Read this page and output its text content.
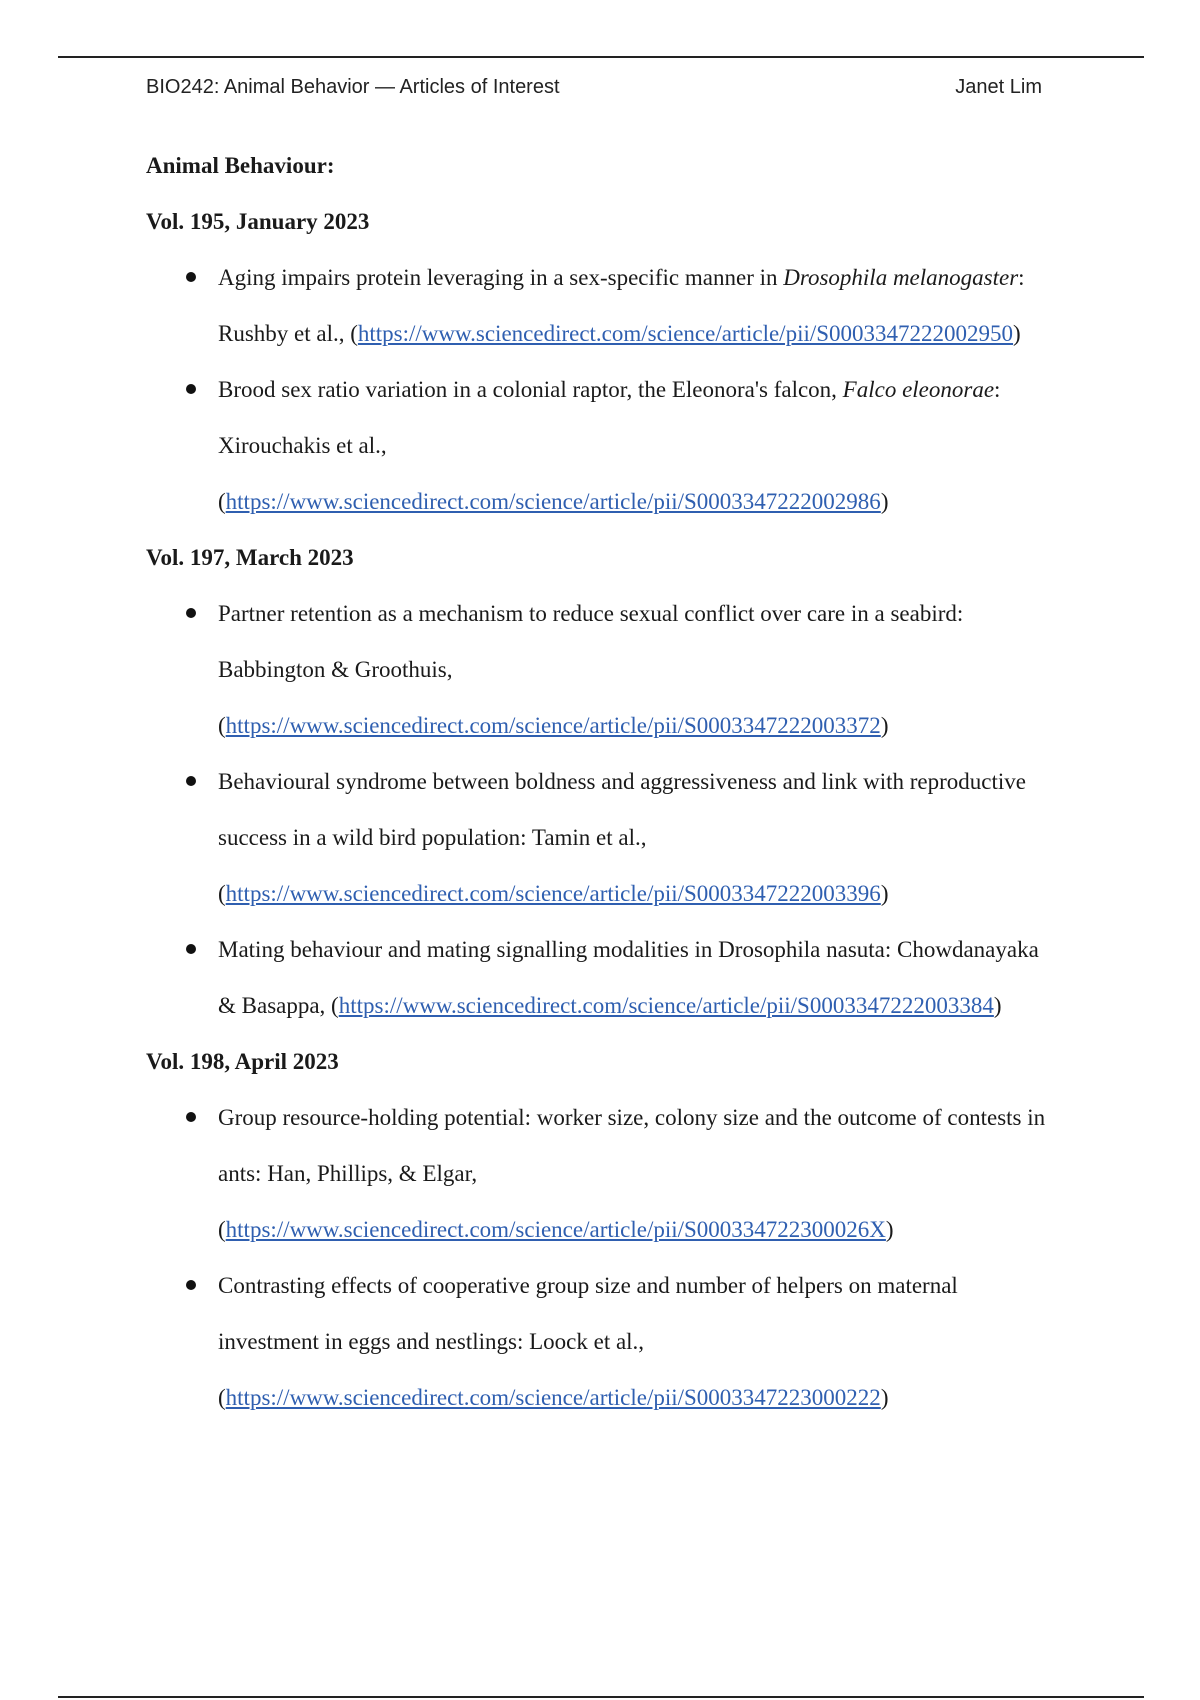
BIO242: Animal Behavior — Articles of Interest	Janet Lim

Animal Behaviour:

Vol. 195, January 2023

Aging impairs protein leveraging in a sex-specific manner in Drosophila melanogaster:
Rushby et al., (https://www.sciencedirect.com/science/article/pii/S0003347222002950)
Brood sex ratio variation in a colonial raptor, the Eleonora's falcon, Falco eleonorae:
Xirouchakis et al.,
(https://www.sciencedirect.com/science/article/pii/S0003347222002986)

Vol. 197, March 2023

Partner retention as a mechanism to reduce sexual conflict over care in a seabird:
Babbington & Groothuis,
(https://www.sciencedirect.com/science/article/pii/S0003347222003372)
Behavioural syndrome between boldness and aggressiveness and link with reproductive
success in a wild bird population: Tamin et al.,
(https://www.sciencedirect.com/science/article/pii/S0003347222003396)
Mating behaviour and mating signalling modalities in Drosophila nasuta: Chowdanayaka
& Basappa, (https://www.sciencedirect.com/science/article/pii/S0003347222003384)

Vol. 198, April 2023

Group resource-holding potential: worker size, colony size and the outcome of contests in
ants: Han, Phillips, & Elgar,
(https://www.sciencedirect.com/science/article/pii/S000334722300026X)
Contrasting effects of cooperative group size and number of helpers on maternal
investment in eggs and nestlings: Loock et al.,
(https://www.sciencedirect.com/science/article/pii/S0003347223000222)
